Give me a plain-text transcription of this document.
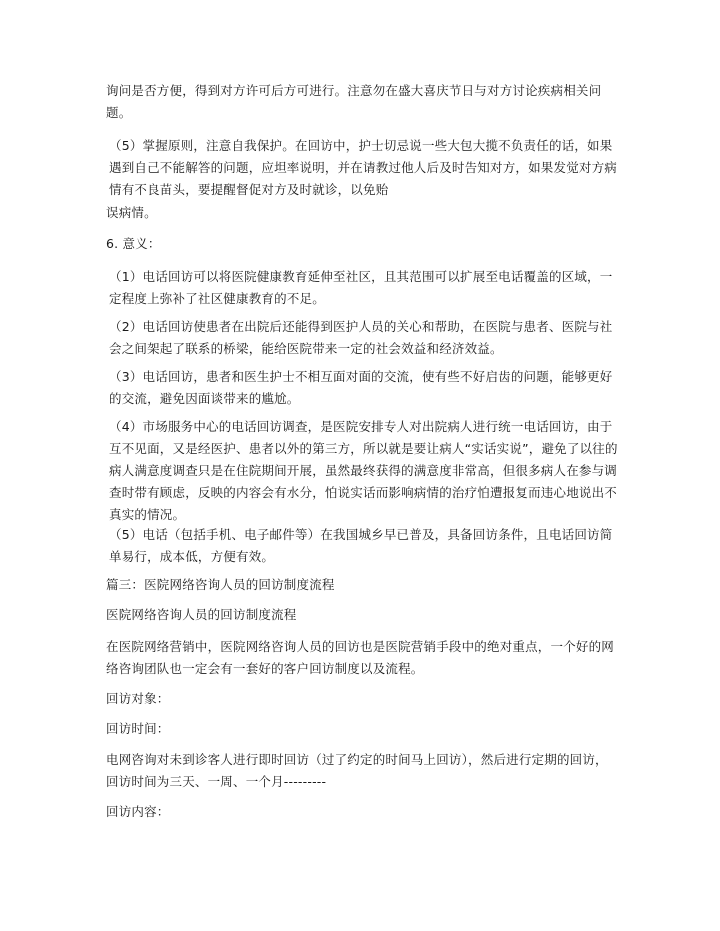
询问是否方便，得到对方许可后方可进行。注意勿在盛大喜庆节日与对方讨论疾病相关问题。

（5）掌握原则，注意自我保护。在回访中，护士切忌说一些大包大揽不负责任的话，如果遇到自己不能解答的问题，应坦率说明，并在请教过他人后及时告知对方，如果发觉对方病情有不良苗头，要提醒督促对方及时就诊，以免贻

误病情。

6. 意义：

（1）电话回访可以将医院健康教育延伸至社区，且其范围可以扩展至电话覆盖的区域，一定程度上弥补了社区健康教育的不足。

（2）电话回访使患者在出院后还能得到医护人员的关心和帮助，在医院与患者、医院与社会之间架起了联系的桥梁，能给医院带来一定的社会效益和经济效益。

（3）电话回访，患者和医生护士不相互面对面的交流，使有些不好启齿的问题，能够更好的交流，避免因面谈带来的尴尬。

（4）市场服务中心的电话回访调查，是医院安排专人对出院病人进行统一电话回访，由于互不见面，又是经医护、患者以外的第三方，所以就是要让病人“实话实说”，避免了以往的病人满意度调查只是在住院期间开展，虽然最终获得的满意度非常高，但很多病人在参与调查时带有顾虑，反映的内容会有水分，怕说实话而影响病情的治疗怕遭报复而违心地说出不真实的情况。

（5）电话（包括手机、电子邮件等）在我国城乡早已普及，具备回访条件，且电话回访简单易行，成本低，方便有效。

篇三：医院网络咨询人员的回访制度流程

医院网络咨询人员的回访制度流程

在医院网络营销中，医院网络咨询人员的回访也是医院营销手段中的绝对重点，一个好的网络咨询团队也一定会有一套好的客户回访制度以及流程。

回访对象：

回访时间：

电网咨询对未到诊客人进行即时回访（过了约定的时间马上回访），然后进行定期的回访，回访时间为三天、一周、一个月---------

回访内容：
